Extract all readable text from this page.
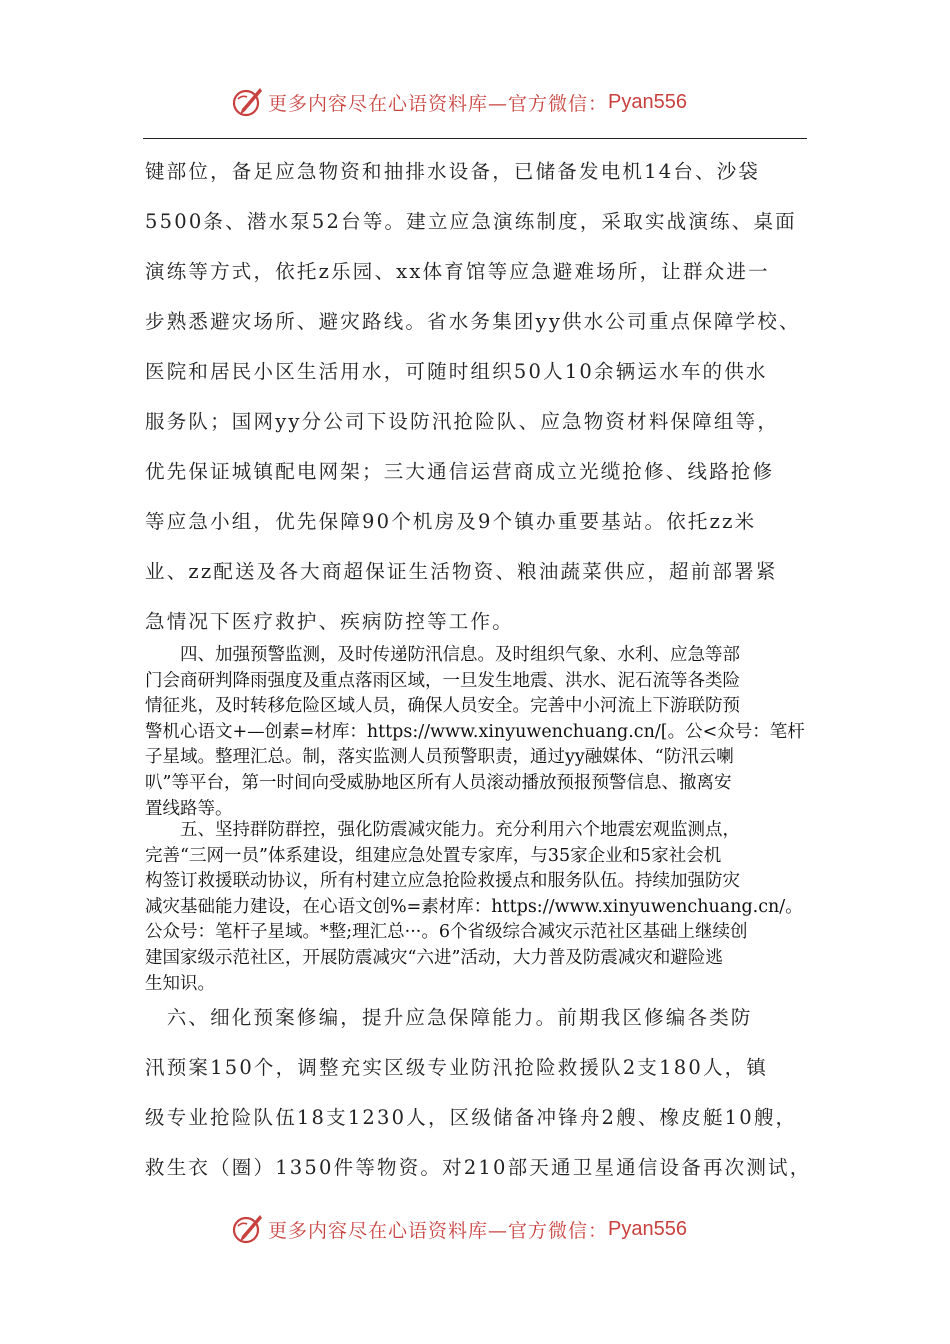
更多内容尽在心语资料库—官方微信： Pyan556

键部位，备足应急物资和抽排水设备，已储备发电机14台、沙袋
5500条、潜水泵52台等。建立应急演练制度，采取实战演练、桌面
演练等方式，依托z乐园、xx体育馆等应急避难场所，让群众进一
步熟悉避灾场所、避灾路线。省水务集团yy供水公司重点保障学校、
医院和居民小区生活用水，可随时组织50人10余辆运水车的供水
服务队；国网yy分公司下设防汛抢险队、应急物资材料保障组等，
优先保证城镇配电网架；三大通信运营商成立光缆抢修、线路抢修
等应急小组，优先保障90个机房及9个镇办重要基站。依托zz米
业、zz配送及各大商超保证生活物资、粮油蔬菜供应，超前部署紧
急情况下医疗救护、疾病防控等工作。

　　四、加强预警监测，及时传递防汛信息。及时组织气象、水利、应急等部
门会商研判降雨强度及重点落雨区域，一旦发生地震、洪水、泥石流等各类险
情征兆，及时转移危险区域人员，确保人员安全。完善中小河流上下游联防预
警机心语文+—创素=材库：https://www.xinyuwenchuang.cn/[。公<众号：笔杆
子星域。整理汇总。制，落实监测人员预警职责，通过yy融媒体、“防汛云喇
叭”等平台，第一时间向受威胁地区所有人员滚动播放预报预警信息、撤离安
置线路等。

　　五、坚持群防群控，强化防震减灾能力。充分利用六个地震宏观监测点，
完善“三网一员”体系建设，组建应急处置专家库，与35家企业和5家社会机
构签订救援联动协议，所有村建立应急抢险救援点和服务队伍。持续加强防灾
减灾基础能力建设，在心语文创%=素材库：https://www.xinyuwenchuang.cn/。
公众号：笔杆子星域。*整;理汇总···。6个省级综合减灾示范社区基础上继续创
建国家级示范社区，开展防震减灾“六进”活动，大力普及防震减灾和避险逃
生知识。

　六、细化预案修编，提升应急保障能力。前期我区修编各类防
汛预案150个，调整充实区级专业防汛抢险救援队2支180人，镇
级专业抢险队伍18支1230人，区级储备冲锋舟2艘、橡皮艇10艘，
救生衣（圈）1350件等物资。对210部天通卫星通信设备再次测试，

更多内容尽在心语资料库—官方微信： Pyan556
